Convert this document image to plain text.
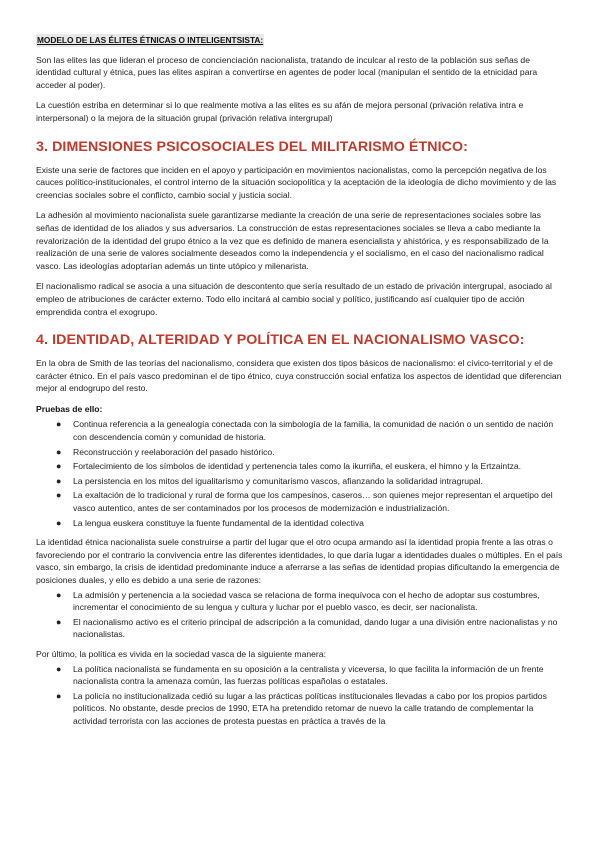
MODELO DE LAS ÉLITES ÉTNICAS O INTELIGENTSISTA:

Son las elites las que lideran el proceso de concienciación nacionalista, tratando de inculcar al resto de la población sus señas de identidad cultural y étnica, pues las elites aspiran a convertirse en agentes de poder local (manipulan el sentido de la etnicidad para acceder al poder).

La cuestión estriba en determinar si lo que realmente motiva a las elites es su afán de mejora personal (privación relativa intra e interpersonal) o la mejora de la situación grupal (privación relativa intergrupal)

3. DIMENSIONES PSICOSOCIALES DEL MILITARISMO ÉTNICO:

Existe una serie de factores que inciden en el apoyo y participación en movimientos nacionalistas, como la percepción negativa de los cauces político-institucionales, el control interno de la situación sociopolítica y la aceptación de la ideología de dicho movimiento y de las creencias sociales sobre el conflicto, cambio social y justicia social.

La adhesión al movimiento nacionalista suele garantizarse mediante la creación de una serie de representaciones sociales sobre las señas de identidad de los aliados y sus adversarios. La construcción de estas representaciones sociales se lleva a cabo mediante la revalorización de la identidad del grupo étnico a la vez que es definido de manera esencialista y ahistórica, y es responsabilizado de la realización de una serie de valores socialmente deseados como la independencia y el socialismo, en el caso del nacionalismo radical vasco. Las ideologías adoptarían además un tinte utópico y milenarista.

El nacionalismo radical se asocia a una situación de descontento que sería resultado de un estado de privación intergrupal, asociado al empleo de atribuciones de carácter externo. Todo ello incitará al cambio social y político, justificando así cualquier tipo de acción emprendida contra el exogrupo.

4. IDENTIDAD, ALTERIDAD Y POLÍTICA EN EL NACIONALISMO VASCO:

En la obra de Smith de las teorías del nacionalismo, considera que existen dos tipos básicos de nacionalismo: el cívico-territorial y el de carácter étnico. En el país vasco predominan el de tipo étnico, cuya construcción social enfatiza los aspectos de identidad que diferencian mejor al endogrupo del resto.

Pruebas de ello:
● Continua referencia a la genealogía conectada con la simbología de la familia, la comunidad de nación o un sentido de nación con descendencia común y comunidad de historia.
● Reconstrucción y reelaboración del pasado histórico.
● Fortalecimiento de los símbolos de identidad y pertenencia tales como la ikurriña, el euskera, el himno y la Ertzaintza.
● La persistencia en los mitos del igualitarismo y comunitarismo vascos, afianzando la solidaridad intragrupal.
● La exaltación de lo tradicional y rural de forma que los campesinos, caseros… son quienes mejor representan el arquetipo del vasco autentico, antes de ser contaminados por los procesos de modernización e industrialización.
● La lengua euskera constituye la fuente fundamental de la identidad colectiva

La identidad étnica nacionalista suele construirse a partir del lugar que el otro ocupa armando así la identidad propia frente a las otras o favoreciendo por el contrario la convivencia entre las diferentes identidades, lo que daría lugar a identidades duales o múltiples. En el país vasco, sin embargo, la crisis de identidad predominante induce a aferrarse a las señas de identidad propias dificultando la emergencia de posiciones duales, y ello es debido a una serie de razones:

● La admisión y pertenencia a la sociedad vasca se relaciona de forma inequívoca con el hecho de adoptar sus costumbres, incrementar el conocimiento de su lengua y cultura y luchar por el pueblo vasco, es decir, ser nacionalista.
● El nacionalismo activo es el criterio principal de adscripción a la comunidad, dando lugar a una división entre nacionalistas y no nacionalistas.

Por último, la política es vivida en la sociedad vasca de la siguiente manera:

● La política nacionalista se fundamenta en su oposición a la centralista y viceversa, lo que facilita la información de un frente nacionalista contra la amenaza común, las fuerzas políticas españolas o estatales.
● La policía no institucionalizada cedió su lugar a las prácticas políticas institucionales llevadas a cabo por los propios partidos políticos. No obstante, desde precios de 1990, ETA ha pretendido retomar de nuevo la calle tratando de complementar la actividad terrorista con las acciones de protesta puestas en práctica a través de la
